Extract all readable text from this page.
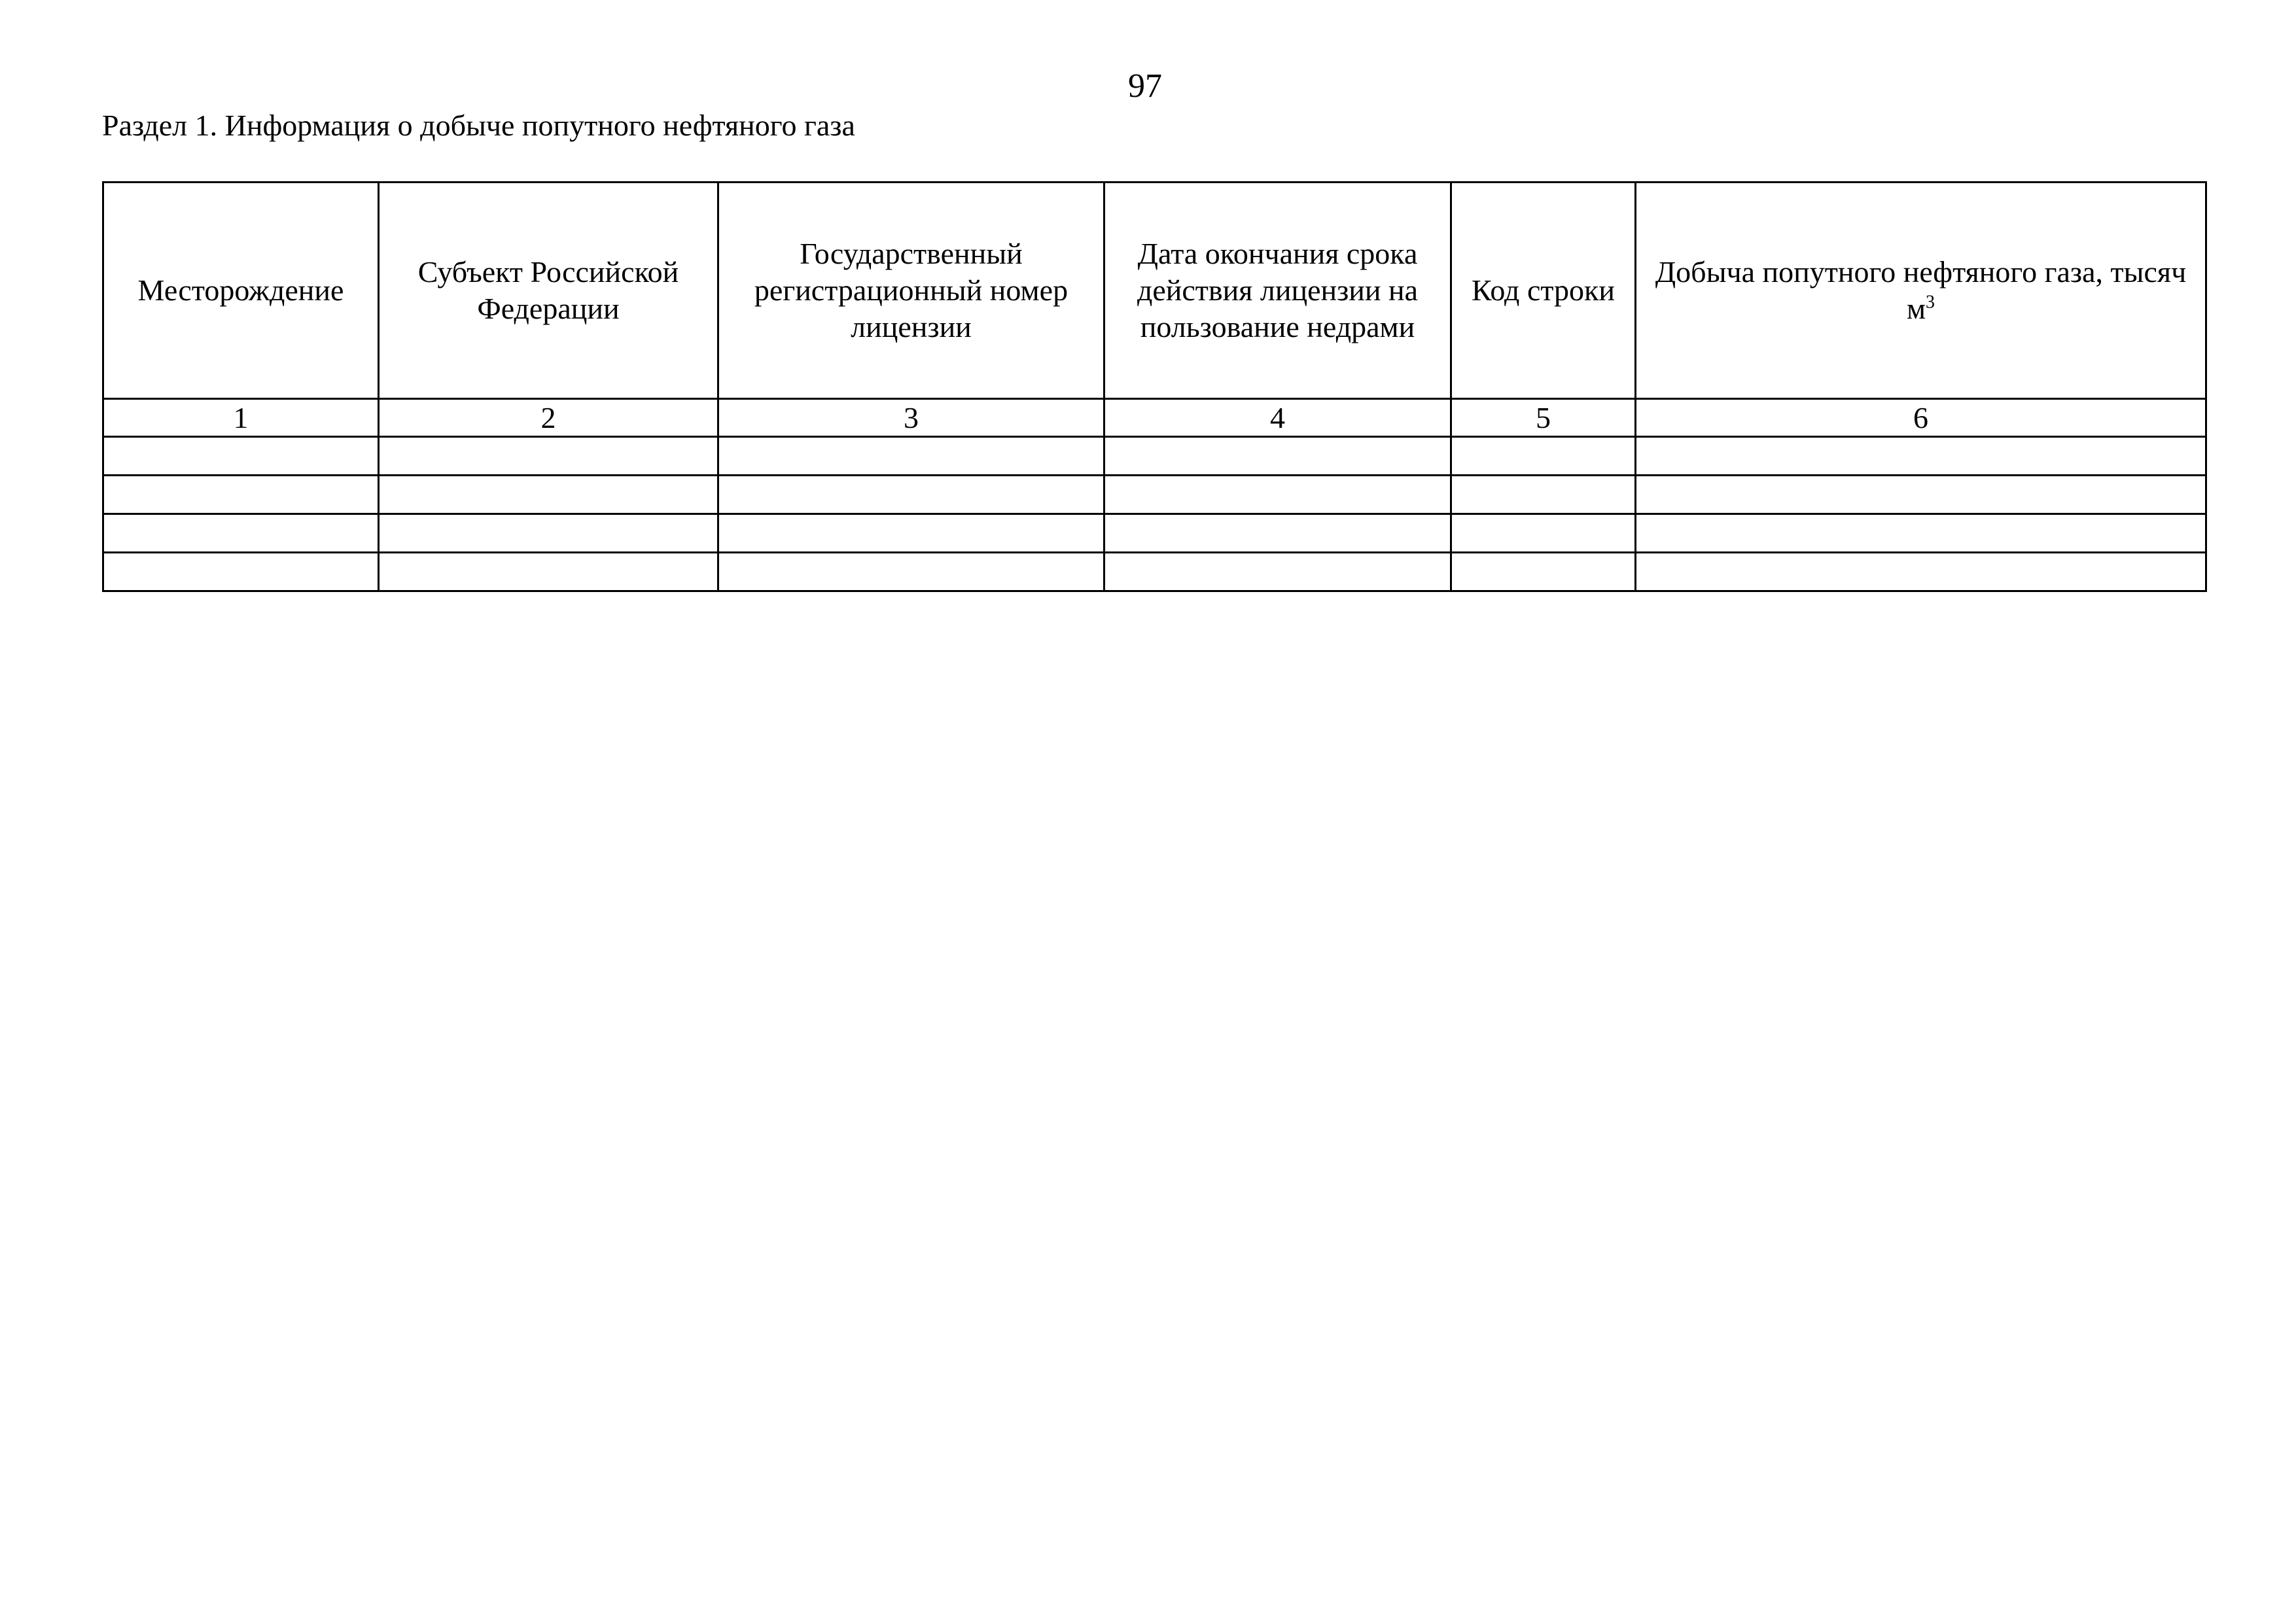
97
Раздел 1. Информация о добыче попутного нефтяного газа
Месторождение	Субъект Российской Федерации	Государственный регистрационный номер лицензии	Дата окончания срока действия лицензии на пользование недрами	Код строки	Добыча попутного нефтяного газа, тысяч $м^3$
1	2	3	4	5	6
